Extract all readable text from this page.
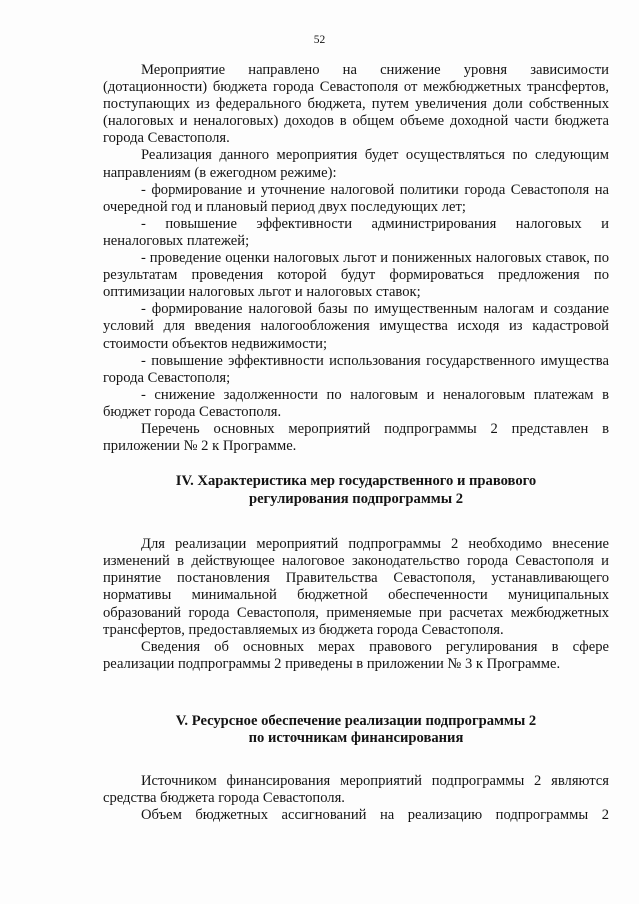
52

Мероприятие направлено на снижение уровня зависимости (дотационности) бюджета города Севастополя от межбюджетных трансфертов, поступающих из федерального бюджета, путем увеличения доли собственных (налоговых и неналоговых) доходов в общем объеме доходной части бюджета города Севастополя.

Реализация данного мероприятия будет осуществляться по следующим направлениям (в ежегодном режиме):

- формирование и уточнение налоговой политики города Севастополя на очередной год и плановый период двух последующих лет;

- повышение эффективности администрирования налоговых и неналоговых платежей;

- проведение оценки налоговых льгот и пониженных налоговых ставок, по результатам проведения которой будут формироваться предложения по оптимизации налоговых льгот и налоговых ставок;

- формирование налоговой базы по имущественным налогам и создание условий для введения налогообложения имущества исходя из кадастровой стоимости объектов недвижимости;

- повышение эффективности использования государственного имущества города Севастополя;

- снижение задолженности по налоговым и неналоговым платежам в бюджет города Севастополя.

Перечень основных мероприятий подпрограммы 2 представлен в приложении № 2 к Программе.

IV. Характеристика мер государственного и правового
регулирования подпрограммы 2

Для реализации мероприятий подпрограммы 2 необходимо внесение изменений в действующее налоговое законодательство города Севастополя и принятие постановления Правительства Севастополя, устанавливающего нормативы минимальной бюджетной обеспеченности муниципальных образований города Севастополя, применяемые при расчетах межбюджетных трансфертов, предоставляемых из бюджета города Севастополя.

Сведения об основных мерах правового регулирования в сфере реализации подпрограммы 2 приведены в приложении № 3 к Программе.

V. Ресурсное обеспечение реализации подпрограммы 2
по источникам финансирования

Источником финансирования мероприятий подпрограммы 2 являются средства бюджета города Севастополя.

Объем бюджетных ассигнований на реализацию подпрограммы 2
